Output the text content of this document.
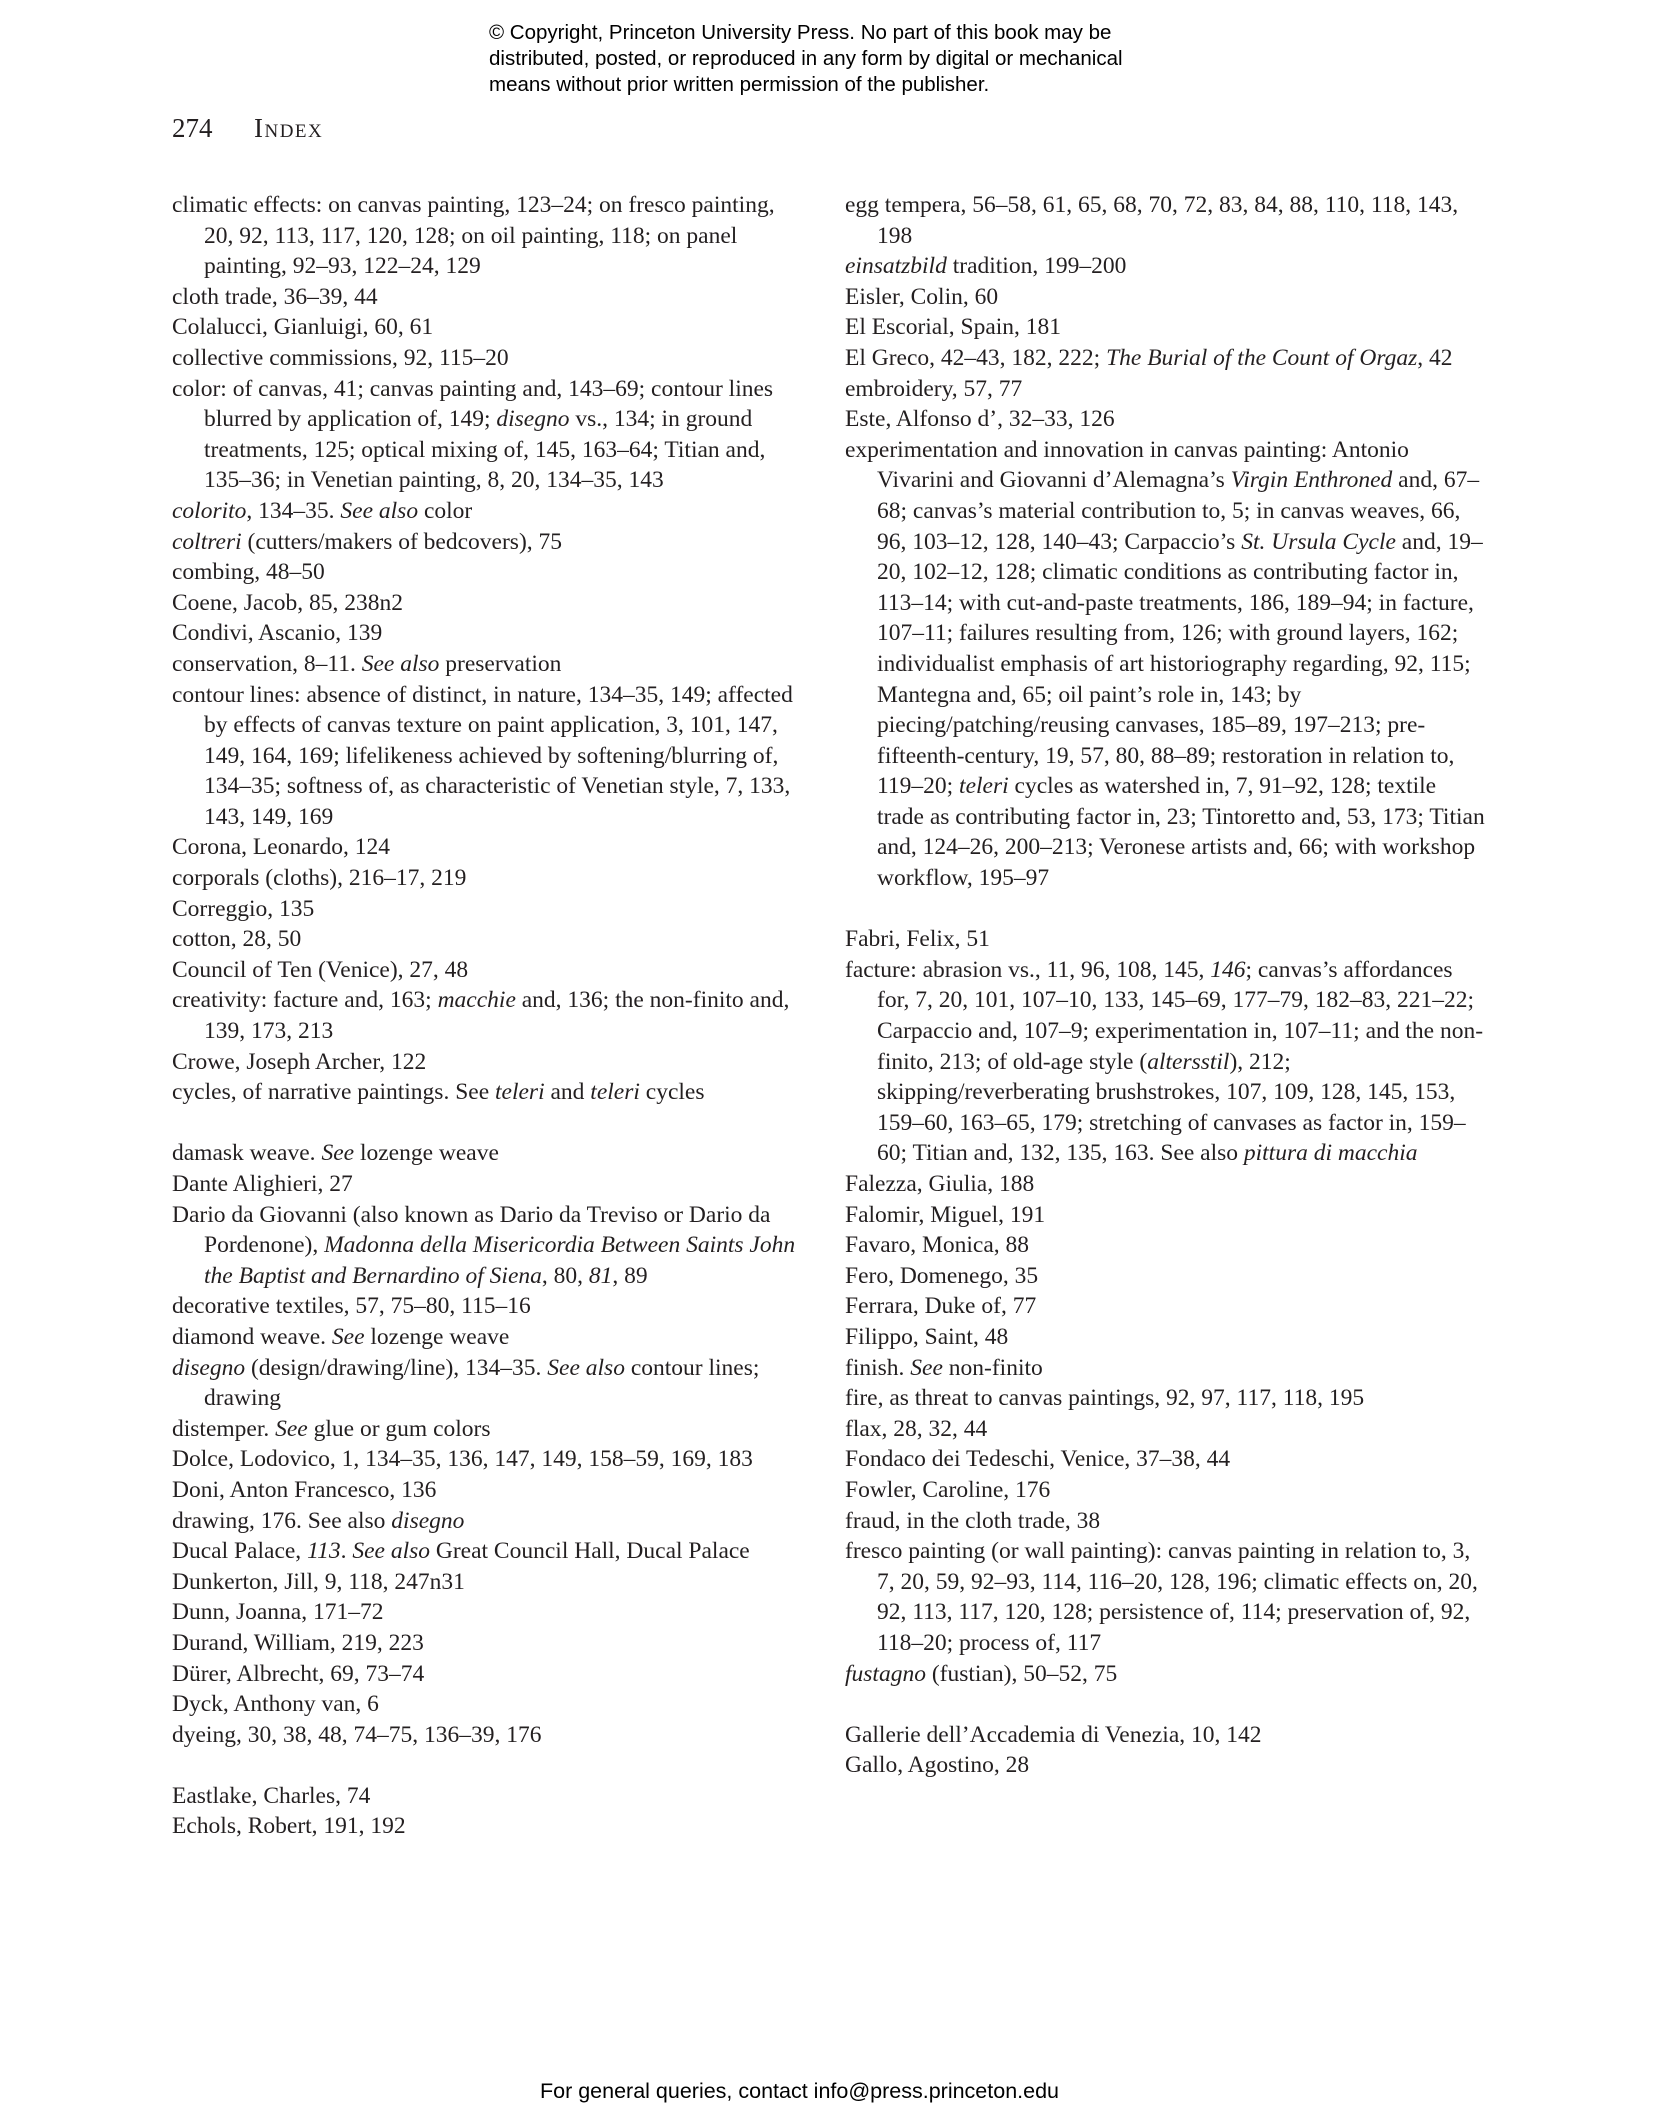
© Copyright, Princeton University Press. No part of this book may be
distributed, posted, or reproduced in any form by digital or mechanical
means without prior written permission of the publisher.
274 Index
climatic effects: on canvas painting, 123–24; on fresco painting, 20, 92, 113, 117, 120, 128; on oil painting, 118; on panel painting, 92–93, 122–24, 129
cloth trade, 36–39, 44
Colalucci, Gianluigi, 60, 61
collective commissions, 92, 115–20
color: of canvas, 41; canvas painting and, 143–69; contour lines blurred by application of, 149; disegno vs., 134; in ground treatments, 125; optical mixing of, 145, 163–64; Titian and, 135–36; in Venetian painting, 8, 20, 134–35, 143
colorito, 134–35. See also color
coltreri (cutters/makers of bedcovers), 75
combing, 48–50
Coene, Jacob, 85, 238n2
Condivi, Ascanio, 139
conservation, 8–11. See also preservation
contour lines: absence of distinct, in nature, 134–35, 149; affected by effects of canvas texture on paint application, 3, 101, 147, 149, 164, 169; lifelikeness achieved by softening/blurring of, 134–35; softness of, as characteristic of Venetian style, 7, 133, 143, 149, 169
Corona, Leonardo, 124
corporals (cloths), 216–17, 219
Correggio, 135
cotton, 28, 50
Council of Ten (Venice), 27, 48
creativity: facture and, 163; macchie and, 136; the non-finito and, 139, 173, 213
Crowe, Joseph Archer, 122
cycles, of narrative paintings. See teleri and teleri cycles
damask weave. See lozenge weave
Dante Alighieri, 27
Dario da Giovanni (also known as Dario da Treviso or Dario da Pordenone), Madonna della Misericordia Between Saints John the Baptist and Bernardino of Siena, 80, 81, 89
decorative textiles, 57, 75–80, 115–16
diamond weave. See lozenge weave
disegno (design/drawing/line), 134–35. See also contour lines; drawing
distemper. See glue or gum colors
Dolce, Lodovico, 1, 134–35, 136, 147, 149, 158–59, 169, 183
Doni, Anton Francesco, 136
drawing, 176. See also disegno
Ducal Palace, 113. See also Great Council Hall, Ducal Palace
Dunkerton, Jill, 9, 118, 247n31
Dunn, Joanna, 171–72
Durand, William, 219, 223
Dürer, Albrecht, 69, 73–74
Dyck, Anthony van, 6
dyeing, 30, 38, 48, 74–75, 136–39, 176
Eastlake, Charles, 74
Echols, Robert, 191, 192
egg tempera, 56–58, 61, 65, 68, 70, 72, 83, 84, 88, 110, 118, 143, 198
einsatzbild tradition, 199–200
Eisler, Colin, 60
El Escorial, Spain, 181
El Greco, 42–43, 182, 222; The Burial of the Count of Orgaz, 42
embroidery, 57, 77
Este, Alfonso d’, 32–33, 126
experimentation and innovation in canvas painting: Antonio Vivarini and Giovanni d’Alemagna’s Virgin Enthroned and, 67–68; canvas’s material contribution to, 5; in canvas weaves, 66, 96, 103–12, 128, 140–43; Carpaccio’s St. Ursula Cycle and, 19–20, 102–12, 128; climatic conditions as contributing factor in, 113–14; with cut-and-paste treatments, 186, 189–94; in facture, 107–11; failures resulting from, 126; with ground layers, 162; individualist emphasis of art historiography regarding, 92, 115; Mantegna and, 65; oil paint’s role in, 143; by piecing/patching/reusing canvases, 185–89, 197–213; pre-fifteenth-century, 19, 57, 80, 88–89; restoration in relation to, 119–20; teleri cycles as watershed in, 7, 91–92, 128; textile trade as contributing factor in, 23; Tintoretto and, 53, 173; Titian and, 124–26, 200–213; Veronese artists and, 66; with workshop workflow, 195–97
Fabri, Felix, 51
facture: abrasion vs., 11, 96, 108, 145, 146; canvas’s affordances for, 7, 20, 101, 107–10, 133, 145–69, 177–79, 182–83, 221–22; Carpaccio and, 107–9; experimentation in, 107–11; and the non-finito, 213; of old-age style (altersstil), 212; skipping/reverberating brushstrokes, 107, 109, 128, 145, 153, 159–60, 163–65, 179; stretching of canvases as factor in, 159–60; Titian and, 132, 135, 163. See also pittura di macchia
Falezza, Giulia, 188
Falomir, Miguel, 191
Favaro, Monica, 88
Fero, Domenego, 35
Ferrara, Duke of, 77
Filippo, Saint, 48
finish. See non-finito
fire, as threat to canvas paintings, 92, 97, 117, 118, 195
flax, 28, 32, 44
Fondaco dei Tedeschi, Venice, 37–38, 44
Fowler, Caroline, 176
fraud, in the cloth trade, 38
fresco painting (or wall painting): canvas painting in relation to, 3, 7, 20, 59, 92–93, 114, 116–20, 128, 196; climatic effects on, 20, 92, 113, 117, 120, 128; persistence of, 114; preservation of, 92, 118–20; process of, 117
fustagno (fustian), 50–52, 75
Gallerie dell’Accademia di Venezia, 10, 142
Gallo, Agostino, 28
For general queries, contact info@press.princeton.edu
